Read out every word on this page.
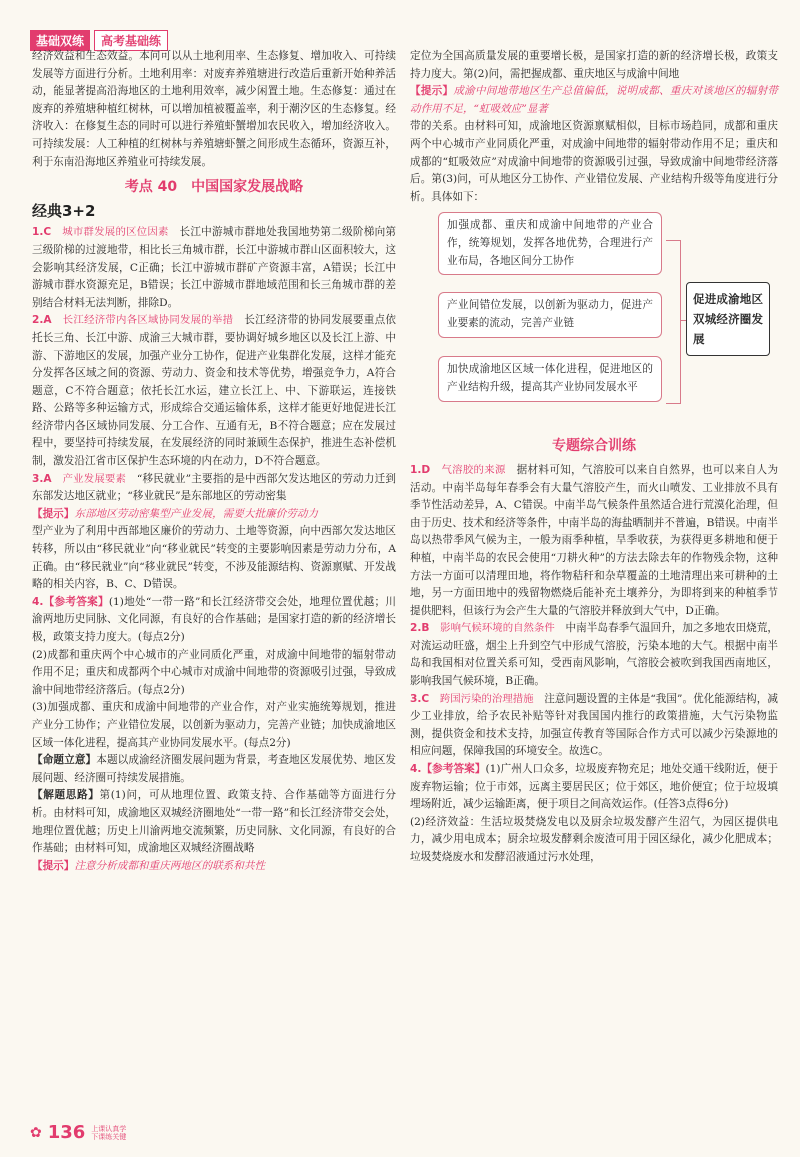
基础双练	高考基础练

经济效益和生态效益。本问可以从土地利用率、生态修复、增加收入、可持续发展等方面进行分析。土地利用率：对废弃养殖塘进行改造后重新开始种养活动，能显著提高沿海地区的土地利用效率，减少闲置土地。生态修复：通过在废弃的养殖塘种植红树林，可以增加植被覆盖率，利于潮汐区的生态修复。经济收入：在修复生态的同时可以进行养殖虾蟹增加农民收入，增加经济收入。可持续发展：人工种植的红树林与养殖塘虾蟹之间形成生态循环，资源互补，利于东南沿海地区养殖业可持续发展。

考点 40　中国国家发展战略
经典3+2

1.C　 城市群发展的区位因素　 长江中游城市群地处我国地势第二级阶梯向第三级阶梯的过渡地带，相比长三角城市群，长江中游城市群山区面积较大，这会影响其经济发展，C正确；长江中游城市群矿产资源丰富，A错误；长江中游城市群水资源充足，B错误；长江中游城市群地域范围和长三角城市群的差别结合材料无法判断，排除D。

2.A　 长江经济带内各区域协同发展的举措　 长江经济带的协同发展要重点依托长三角、长江中游、成渝三大城市群，要协调好城乡地区以及长江上游、中游、下游地区的发展，加强产业分工协作，促进产业集群化发展，这样才能充分发挥各区域之间的资源、劳动力、资金和技术等优势，增强竞争力，A符合题意，C不符合题意；依托长江水运，建立长江上、中、下游联运，连接铁路、公路等多种运输方式，形成综合交通运输体系，这样才能更好地促进长江经济带内各区域协同发展、分工合作、互通有无，B不符合题意；应在发展过程中，要坚持可持续发展，在发展经济的同时兼顾生态保护，推进生态补偿机制，激发沿江省市区保护生态环境的内在动力，D不符合题意。

3.A　 产业发展要素　 “移民就业”主要指的是中西部欠发达地区的劳动力迁到东部发达地区就业；“移业就民”是东部地区的劳动密集

【提示】东部地区劳动密集型产业发展，需要大批廉价劳动力

型产业为了利用中西部地区廉价的劳动力、土地等资源，向中西部欠发达地区转移，所以由“移民就业”向“移业就民”转变的主要影响因素是劳动力分布，A正确。由“移民就业”向“移业就民”转变，不涉及能源结构、资源禀赋、开发战略的相关内容，B、C、D错误。

4.【参考答案】(1)地处“一带一路”和长江经济带交会处，地理位置优越；川渝两地历史同脉、文化同源，有良好的合作基础；是国家打造的新的经济增长极，政策支持力度大。(每点2分)

(2)成都和重庆两个中心城市的产业同质化严重，对成渝中间地带的辐射带动作用不足；重庆和成都两个中心城市对成渝中间地带的资源吸引过强，导致成渝中间地带经济落后。(每点2分)

(3)加强成都、重庆和成渝中间地带的产业合作，对产业实施统筹规划，推进产业分工协作；产业错位发展，以创新为驱动力，完善产业链；加快成渝地区区域一体化进程，提高其产业协同发展水平。(每点2分)

【命题立意】本题以成渝经济圈发展问题为背景，考查地区发展优势、地区发展问题、经济圈可持续发展措施。

【解题思路】第(1)问，可从地理位置、政策支持、合作基础等方面进行分析。由材料可知，成渝地区双城经济圈地处“一带一路”和长江经济带交会处，地理位置优越；历史上川渝两地交流频繁，历史同脉、文化同源，有良好的合作基础；由材料可知，成渝地区双城经济圈战略

【提示】注意分析成都和重庆两地区的联系和共性

定位为全国高质量发展的重要增长极，是国家打造的新的经济增长极，政策支持力度大。第(2)问，需把握成都、重庆地区与成渝中间地

【提示】成渝中间地带地区生产总值偏低，说明成都、重庆对该地区的辐射带动作用不足，“虹吸效应”显著

带的关系。由材料可知，成渝地区资源禀赋相似，目标市场趋同，成都和重庆两个中心城市产业同质化严重，对成渝中间地带的辐射带动作用不足；重庆和成都的“虹吸效应”对成渝中间地带的资源吸引过强，导致成渝中间地带经济落后。第(3)问，可从地区分工协作、产业错位发展、产业结构升级等角度进行分析。具体如下：

加强成都、重庆和成渝中间地带的产业合作，统筹规划，发挥各地优势，合理进行产业布局，各地区间分工协作
产业间错位发展，以创新为驱动力，促进产业要素的流动，完善产业链
加快成渝地区区域一体化进程，促进地区的产业结构升级，提高其产业协同发展水平
促进成渝地区双城经济圈发展
专题综合训练

1.D　 气溶胶的来源　 据材料可知，气溶胶可以来自自然界，也可以来自人为活动。中南半岛每年春季会有大量气溶胶产生，而火山喷发、工业排放不具有季节性活动差异，A、C错误。中南半岛气候条件虽然适合进行荒漠化治理，但由于历史、技术和经济等条件，中南半岛的海盐晒制并不普遍，B错误。中南半岛以热带季风气候为主，一般为雨季种植，旱季收获，为获得更多耕地和便于种植，中南半岛的农民会使用“刀耕火种”的方法去除去年的作物残余物，这种方法一方面可以清理田地，将作物秸秆和杂草覆盖的土地清理出来可耕种的土地，另一方面田地中的残留物燃烧后能补充土壤养分，为即将到来的种植季节提供肥料，但该行为会产生大量的气溶胶并释放到大气中，D正确。

2.B　 影响气候环境的自然条件　 中南半岛春季气温回升，加之多地农田烧荒，对流运动旺盛，烟尘上升到空气中形成气溶胶，污染本地的大气。根据中南半岛和我国相对位置关系可知，受西南风影响，气溶胶会被吹到我国西南地区，影响我国气候环境，B正确。

3.C　 跨国污染的治理措施　 注意问题设置的主体是“我国”。优化能源结构，减少工业排放，给予农民补贴等针对我国国内推行的政策措施，大气污染物监测，提供资金和技术支持，加强宣传教育等国际合作方式可以减少污染源地的相应问题，保障我国的环境安全。故选C。

4.【参考答案】(1)广州人口众多，垃圾废弃物充足；地处交通干线附近，便于废弃物运输；位于市郊，远离主要居民区；位于郊区，地价便宜；位于垃圾填埋场附近，减少运输距离，便于项目之间高效运作。(任答3点得6分)

(2)经济效益：生活垃圾焚烧发电以及厨余垃圾发酵产生沼气，为园区提供电力，减少用电成本；厨余垃圾发酵剩余废渣可用于园区绿化，减少化肥成本；垃圾焚烧废水和发酵沼液通过污水处理，

✿ 136 上课认真学
下课练关键
